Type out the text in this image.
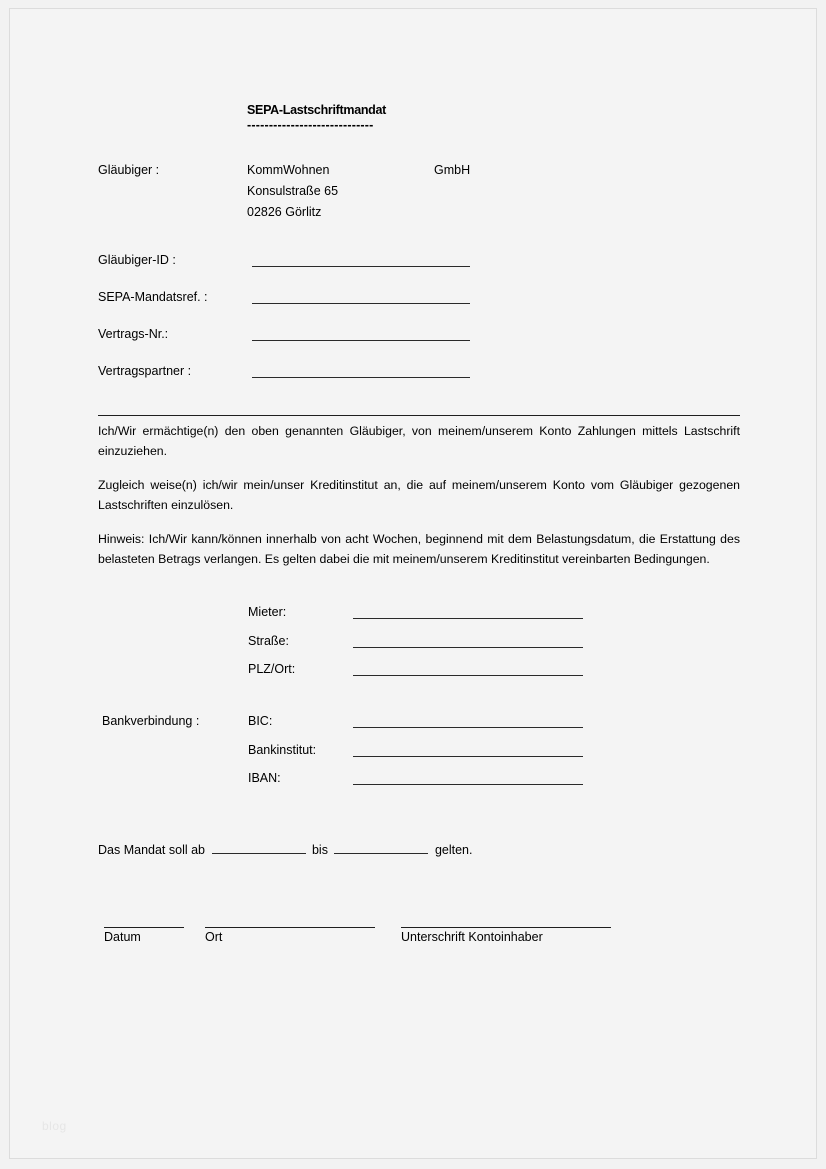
SEPA-Lastschriftmandat
-----------------------------
Gläubiger :	KommWohnen	GmbH
Konsulstraße 65
02826 Görlitz
Gläubiger-ID :
SEPA-Mandatsref. :
Vertrags-Nr.:
Vertragspartner :
Ich/Wir ermächtige(n) den oben genannten Gläubiger, von meinem/unserem Konto Zahlungen mittels Lastschrift einzuziehen.
Zugleich weise(n) ich/wir mein/unser Kreditinstitut an, die auf meinem/unserem Konto vom Gläubiger gezogenen Lastschriften einzulösen.
Hinweis: Ich/Wir kann/können innerhalb von acht Wochen, beginnend mit dem Belastungsdatum, die Erstattung des belasteten Betrags verlangen. Es gelten dabei die mit meinem/unserem Kreditinstitut vereinbarten Bedingungen.
Mieter:
Straße:
PLZ/Ort:
Bankverbindung :	BIC:
Bankinstitut:
IBAN:
Das Mandat soll ab	bis	gelten.
Datum	Ort	Unterschrift Kontoinhaber
blog
